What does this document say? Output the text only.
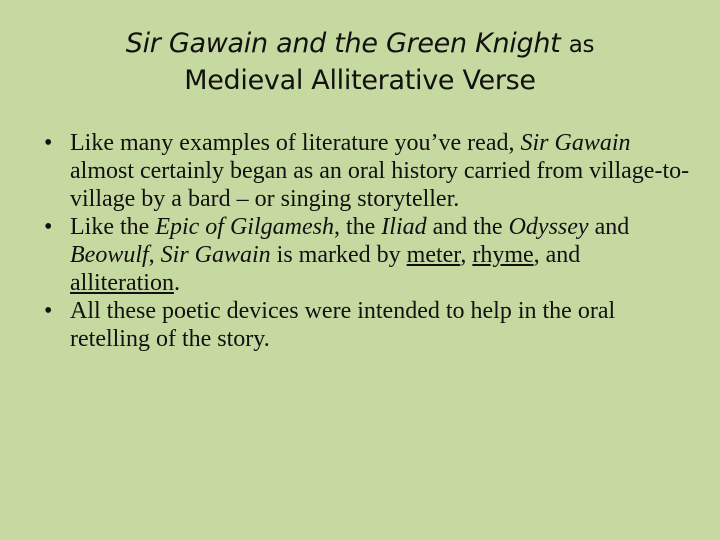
Sir Gawain and the Green Knight as
Medieval Alliterative Verse
• Like many examples of literature you’ve read, Sir Gawain almost certainly began as an oral history carried from village-to-village by a bard – or singing storyteller.
• Like the Epic of Gilgamesh, the Iliad and the Odyssey and Beowulf, Sir Gawain is marked by meter, rhyme, and alliteration.
• All these poetic devices were intended to help in the oral retelling of the story.
